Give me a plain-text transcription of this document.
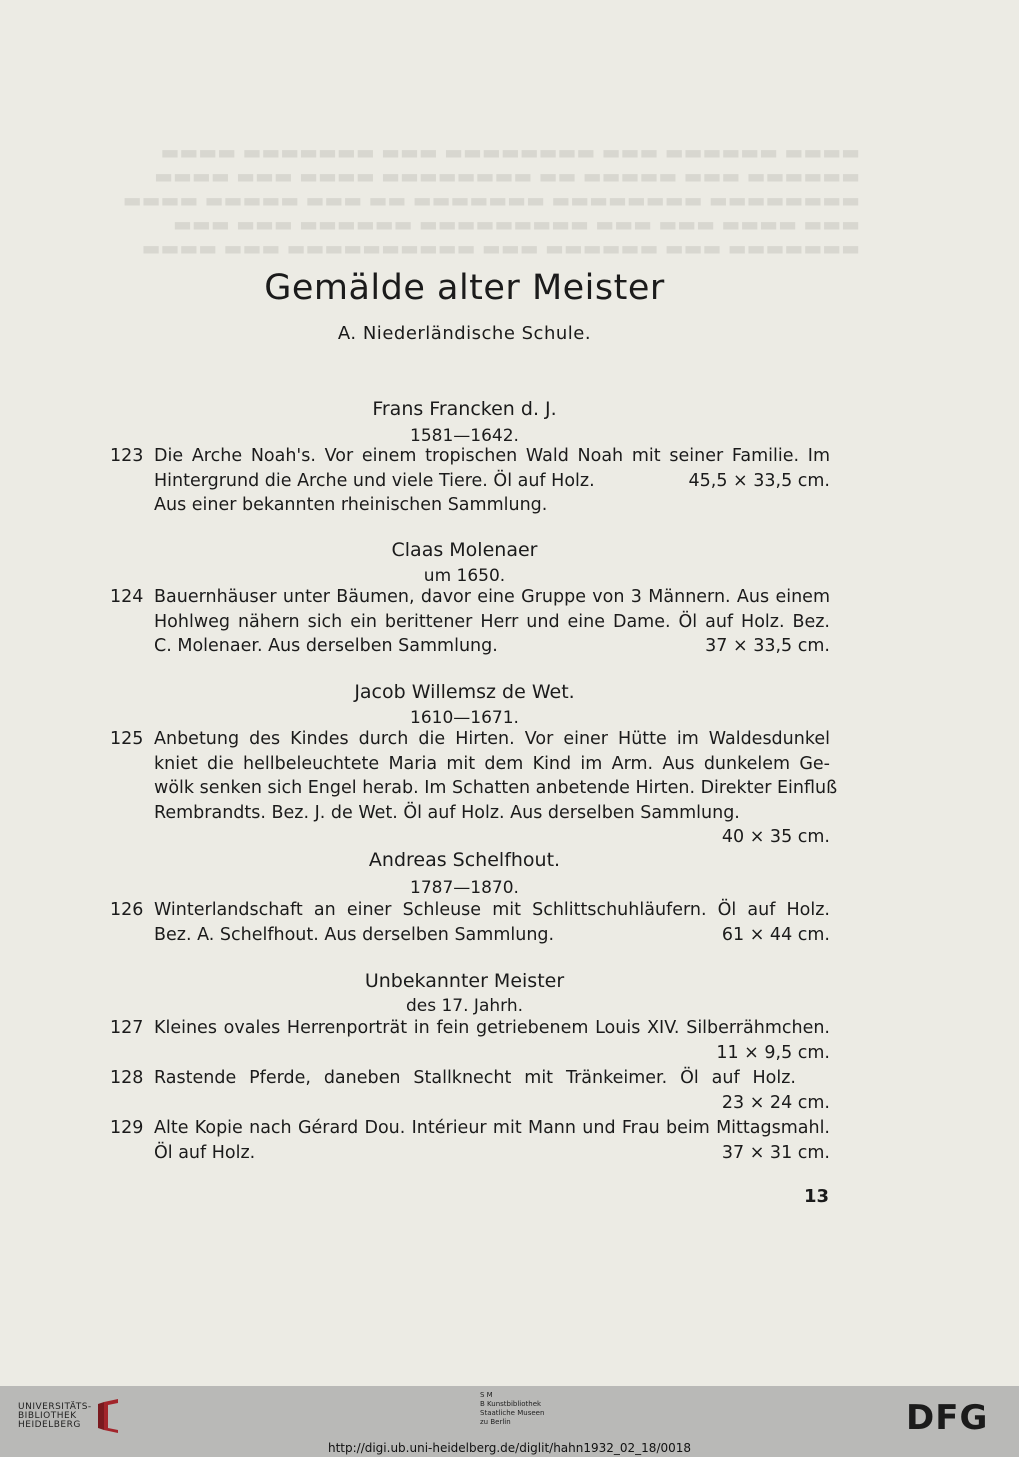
▬▬▬▬ ▬▬▬▬▬▬ ▬▬▬ ▬▬▬▬▬▬▬▬ ▬▬▬ ▬▬▬▬▬▬▬ ▬▬▬▬
▬▬▬▬▬▬ ▬▬▬ ▬▬▬▬▬ ▬▬ ▬▬▬▬▬▬▬▬ ▬▬▬▬ ▬▬▬ ▬▬▬▬
▬▬▬▬▬▬▬▬ ▬▬▬▬▬▬▬▬ ▬▬▬▬▬▬▬ ▬▬ ▬▬▬ ▬▬▬▬▬ ▬▬▬▬
▬▬▬ ▬▬▬▬ ▬▬▬ ▬▬▬ ▬▬▬▬▬▬▬▬▬ ▬▬▬▬▬▬ ▬▬▬ ▬▬▬
▬▬▬▬▬▬▬ ▬▬▬ ▬▬▬▬▬▬ ▬▬▬ ▬▬▬▬▬▬▬▬▬▬ ▬▬▬ ▬▬▬▬
Gemälde alter Meister
A. Niederländische Schule.
Frans Francken d. J.
1581—1642.
123 Die Arche Noah's. Vor einem tropischen Wald Noah mit seiner Familie. Im
Hintergrund die Arche und viele Tiere. Öl auf Holz.	45,5 × 33,5 cm.
Aus einer bekannten rheinischen Sammlung.
Claas Molenaer
um 1650.
124 Bauernhäuser unter Bäumen, davor eine Gruppe von 3 Männern. Aus einem
Hohlweg nähern sich ein berittener Herr und eine Dame. Öl auf Holz. Bez.
C. Molenaer. Aus derselben Sammlung.	37 × 33,5 cm.
Jacob Willemsz de Wet.
1610—1671.
125 Anbetung des Kindes durch die Hirten. Vor einer Hütte im Waldesdunkel
kniet die hellbeleuchtete Maria mit dem Kind im Arm. Aus dunkelem Ge-
wölk senken sich Engel herab. Im Schatten anbetende Hirten. Direkter Einfluß
Rembrandts. Bez. J. de Wet. Öl auf Holz. Aus derselben Sammlung.
40 × 35 cm.
Andreas Schelfhout.
1787—1870.
126 Winterlandschaft an einer Schleuse mit Schlittschuhläufern. Öl auf Holz.
Bez. A. Schelfhout. Aus derselben Sammlung.	61 × 44 cm.
Unbekannter Meister
des 17. Jahrh.
127 Kleines ovales Herrenporträt in fein getriebenem Louis XIV. Silberrähmchen.
11 × 9,5 cm.
128 Rastende Pferde, daneben Stallknecht mit Tränkeimer. Öl auf Holz.
23 × 24 cm.
129 Alte Kopie nach Gérard Dou. Intérieur mit Mann und Frau beim Mittagsmahl.
Öl auf Holz.	37 × 31 cm.
13
UNIVERSITÄTS-
BIBLIOTHEK
HEIDELBERG
S M
B Kunstbibliothek
Staatliche Museen
zu Berlin	DFG
http://digi.ub.uni-heidelberg.de/diglit/hahn1932_02_18/0018
